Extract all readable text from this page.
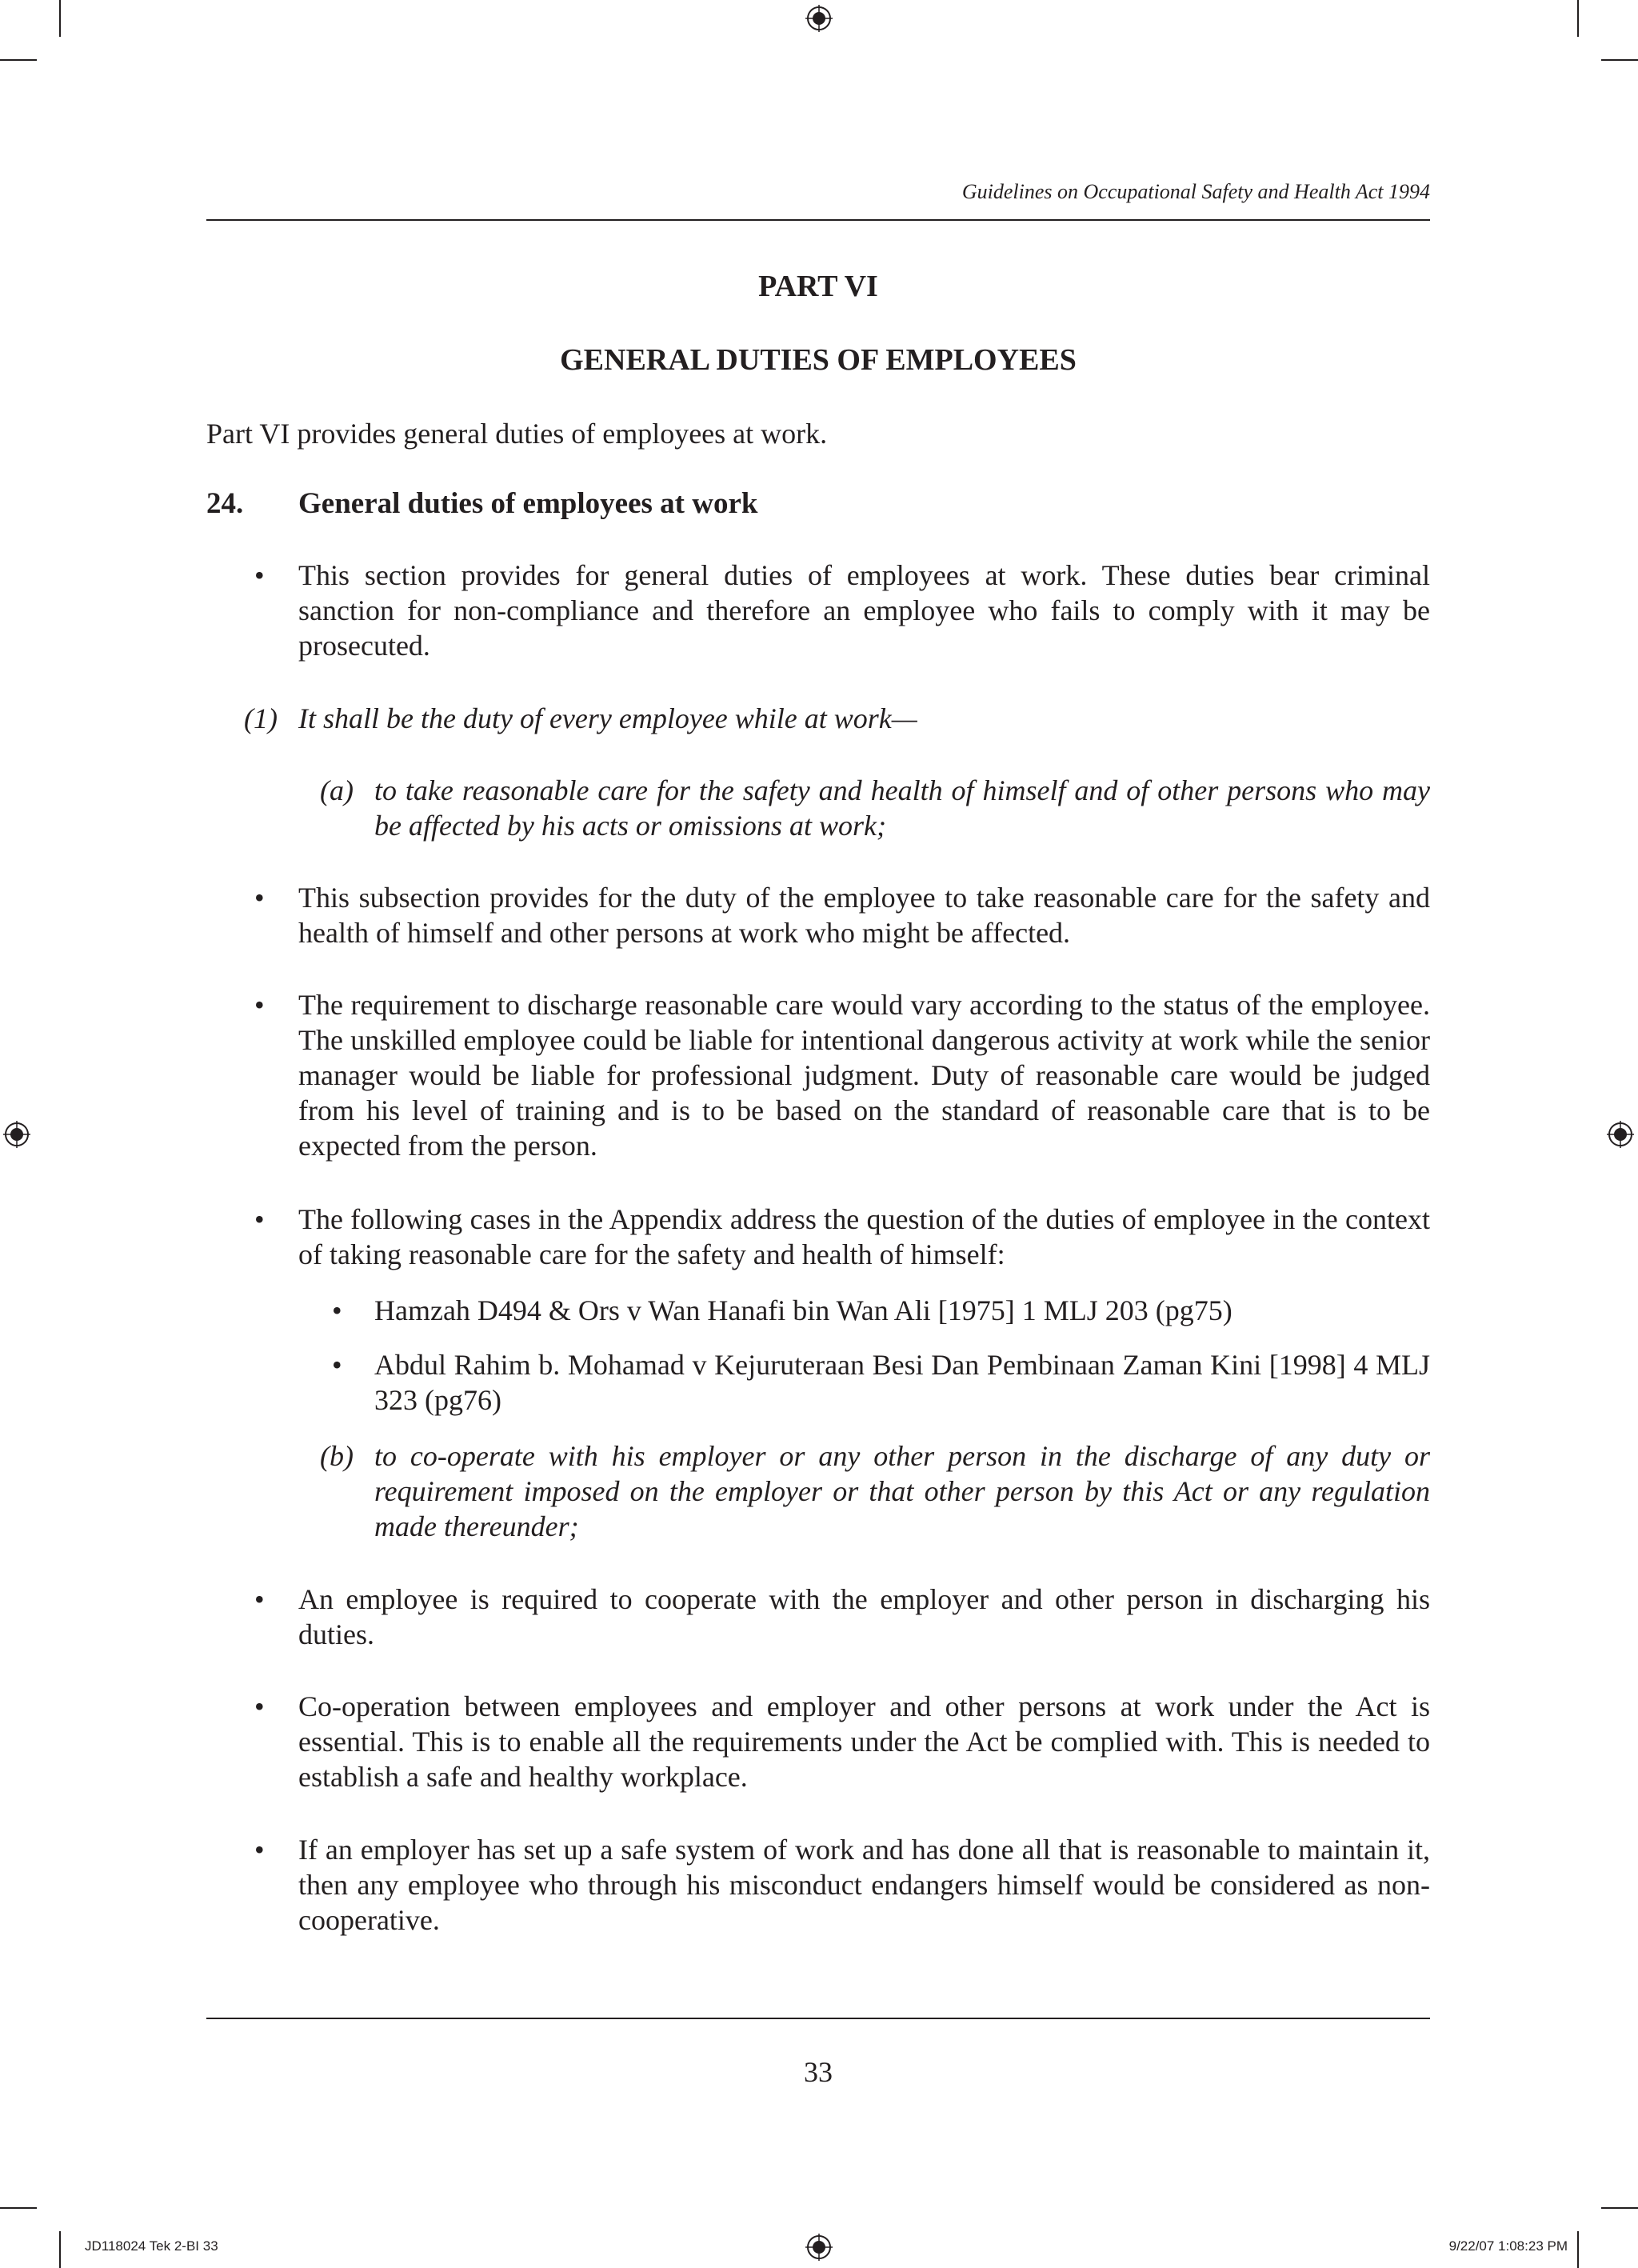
Guidelines on Occupational Safety and Health Act 1994
PART VI
GENERAL DUTIES OF EMPLOYEES
Part VI provides general duties of employees at work.
24. General duties of employees at work
• This section provides for general duties of employees at work. These duties bear criminal sanction for non-compliance and therefore an employee who fails to comply with it may be prosecuted.
(1) It shall be the duty of every employee while at work—
(a) to take reasonable care for the safety and health of himself and of other persons who may be affected by his acts or omissions at work;
• This subsection provides for the duty of the employee to take reasonable care for the safety and health of himself and other persons at work who might be affected.
• The requirement to discharge reasonable care would vary according to the status of the employee. The unskilled employee could be liable for intentional dangerous activity at work while the senior manager would be liable for professional judgment. Duty of reasonable care would be judged from his level of training and is to be based on the standard of reasonable care that is to be expected from the person.
• The following cases in the Appendix address the question of the duties of employee in the context of taking reasonable care for the safety and health of himself:
• Hamzah D494 & Ors v Wan Hanafi bin Wan Ali [1975] 1 MLJ 203 (pg75)
• Abdul Rahim b. Mohamad v Kejuruteraan Besi Dan Pembinaan Zaman Kini [1998] 4 MLJ 323 (pg76)
(b) to co-operate with his employer or any other person in the discharge of any duty or requirement imposed on the employer or that other person by this Act or any regulation made thereunder;
• An employee is required to cooperate with the employer and other person in discharging his duties.
• Co-operation between employees and employer and other persons at work under the Act is essential. This is to enable all the requirements under the Act be complied with. This is needed to establish a safe and healthy workplace.
• If an employer has set up a safe system of work and has done all that is reasonable to maintain it, then any employee who through his misconduct endangers himself would be considered as non-cooperative.
33
JD118024 Tek 2-BI 33	9/22/07 1:08:23 PM
